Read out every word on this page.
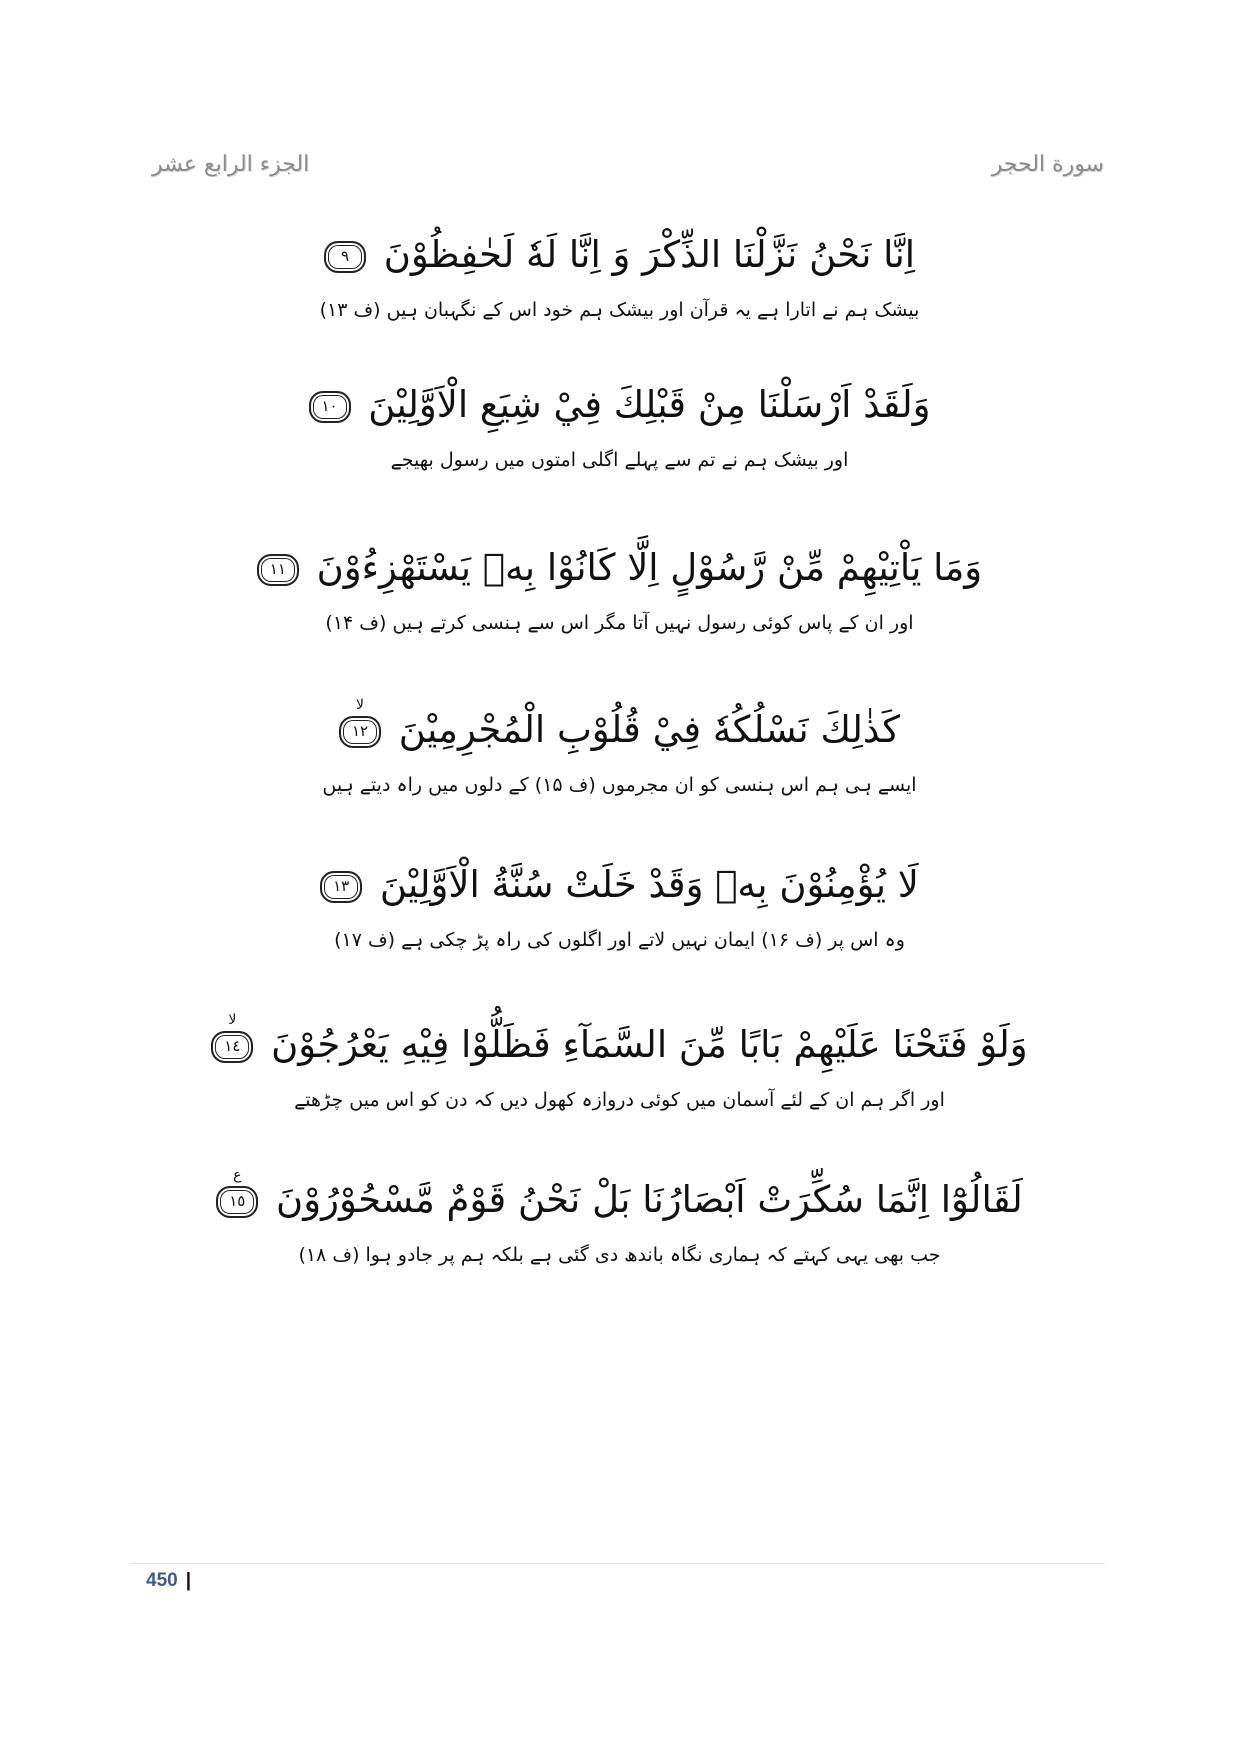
الجزء الرابع عشر	سورة الحجر
اِنَّا نَحْنُ نَزَّلْنَا الذِّكْرَ وَ اِنَّا لَهٗ لَحٰفِظُوْنَ
٩
بیشک ہم نے اتارا ہے یہ قرآن اور بیشک ہم خود اس کے نگہبان ہیں (ف ۱۳)
وَلَقَدْ اَرْسَلْنَا مِنْ قَبْلِكَ فِيْ شِيَعِ الْاَوَّلِيْنَ
١٠
اور بیشک ہم نے تم سے پہلے اگلی امتوں میں رسول بھیجے
وَمَا يَاْتِيْهِمْ مِّنْ رَّسُوْلٍ اِلَّا كَانُوْا بِهٖ يَسْتَهْزِءُوْنَ
١١
اور ان کے پاس کوئی رسول نہیں آتا مگر اس سے ہنسی کرتے ہیں (ف ۱۴)
كَذٰلِكَ نَسْلُكُهٗ فِيْ قُلُوْبِ الْمُجْرِمِيْنَ
لا
١٢
ایسے ہی ہم اس ہنسی کو ان مجرموں (ف ۱۵) کے دلوں میں راہ دیتے ہیں
لَا يُؤْمِنُوْنَ بِهٖ وَقَدْ خَلَتْ سُنَّةُ الْاَوَّلِيْنَ
١٣
وہ اس پر (ف ۱۶) ایمان نہیں لاتے اور اگلوں کی راہ پڑ چکی ہے (ف ۱۷)
وَلَوْ فَتَحْنَا عَلَيْهِمْ بَابًا مِّنَ السَّمَآءِ فَظَلُّوْا فِيْهِ يَعْرُجُوْنَ
لا
١٤
اور اگر ہم ان کے لئے آسمان میں کوئی دروازہ کھول دیں کہ دن کو اس میں چڑھتے
لَقَالُوْٓا اِنَّمَا سُكِّرَتْ اَبْصَارُنَا بَلْ نَحْنُ قَوْمٌ مَّسْحُوْرُوْنَ
ع
١٥
جب بھی یہی کہتے کہ ہماری نگاہ باندھ دی گئی ہے بلکہ ہم پر جادو ہوا (ف ۱۸)
450 |
